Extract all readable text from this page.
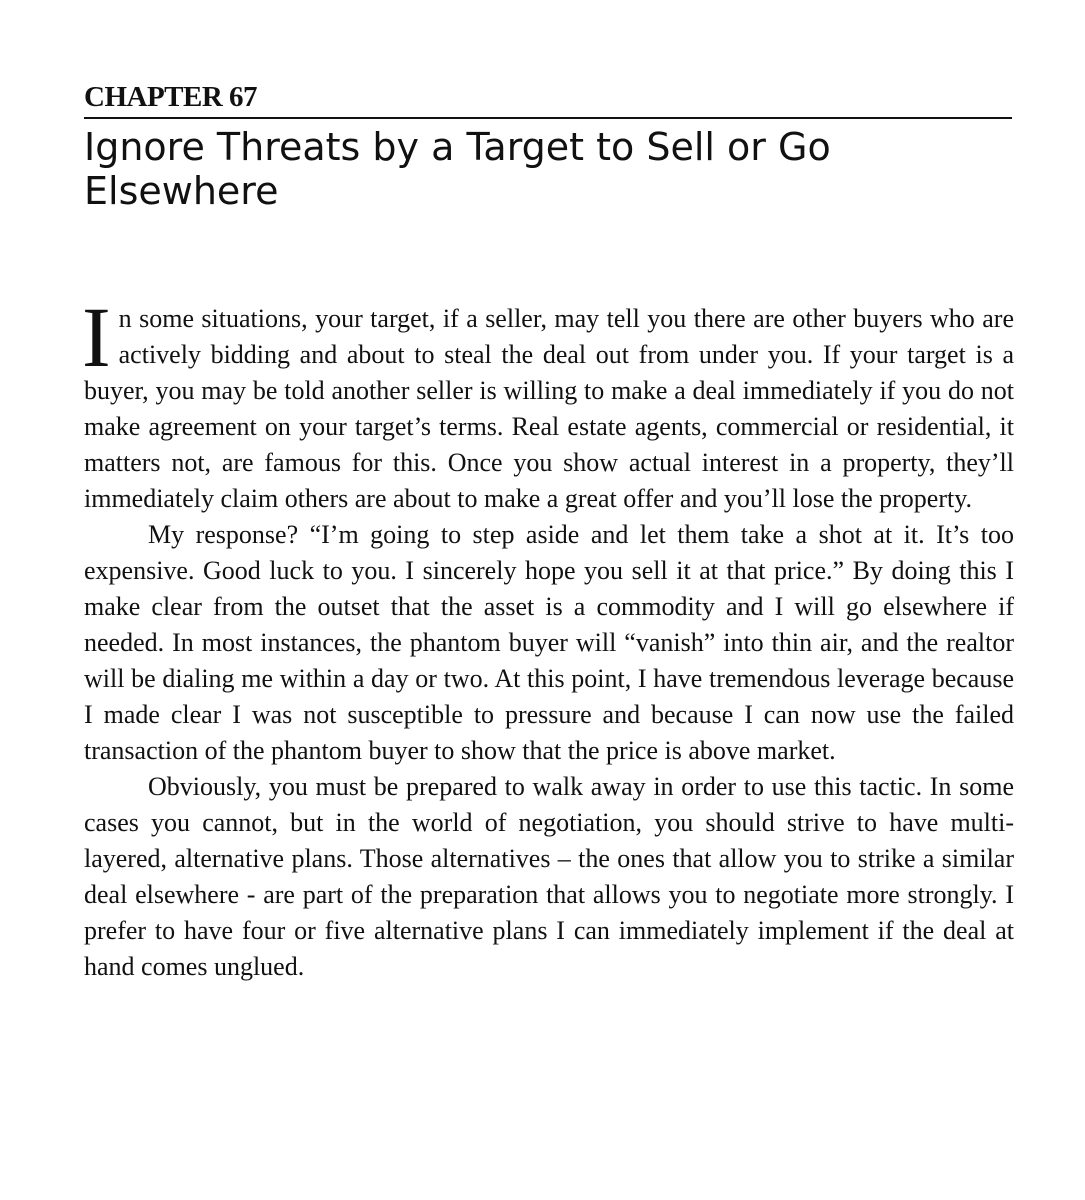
CHAPTER 67
Ignore Threats by a Target to Sell or Go Elsewhere

In some situations, your target, if a seller, may tell you there are other buyers who are actively bidding and about to steal the deal out from under you. If your target is a buyer, you may be told another seller is willing to make a deal immediately if you do not make agreement on your target’s terms. Real estate agents, commercial or residential, it matters not, are famous for this. Once you show actual interest in a property, they’ll immediately claim others are about to make a great offer and you’ll lose the property.

My response? “I’m going to step aside and let them take a shot at it. It’s too expensive. Good luck to you. I sincerely hope you sell it at that price.” By doing this I make clear from the outset that the asset is a commodity and I will go elsewhere if needed. In most instances, the phantom buyer will “vanish” into thin air, and the realtor will be dialing me within a day or two. At this point, I have tremendous leverage because I made clear I was not susceptible to pressure and because I can now use the failed transaction of the phantom buyer to show that the price is above market.

Obviously, you must be prepared to walk away in order to use this tactic. In some cases you cannot, but in the world of negotiation, you should strive to have multi-layered, alternative plans. Those alternatives – the ones that allow you to strike a similar deal elsewhere - are part of the preparation that allows you to negotiate more strongly. I prefer to have four or five alternative plans I can immediately implement if the deal at hand comes unglued.
